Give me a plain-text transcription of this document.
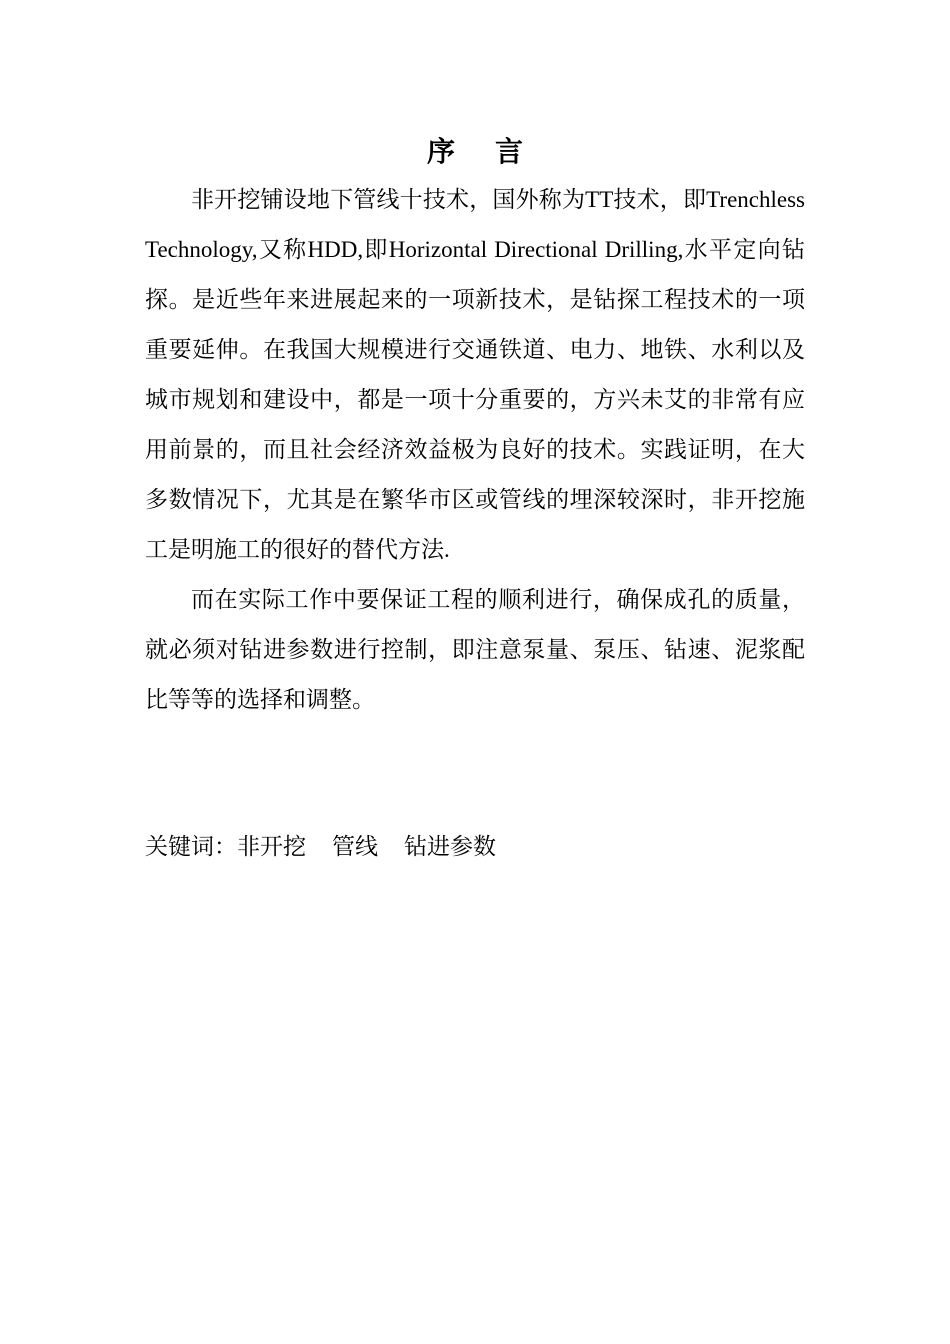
序 言

非开挖铺设地下管线十技术，国外称为TT技术，即Trenchless Technology,又称HDD,即Horizontal Directional Drilling,水平定向钻探。是近些年来进展起来的一项新技术，是钻探工程技术的一项重要延伸。在我国大规模进行交通铁道、电力、地铁、水利以及城市规划和建设中，都是一项十分重要的，方兴未艾的非常有应用前景的，而且社会经济效益极为良好的技术。实践证明，在大多数情况下，尤其是在繁华市区或管线的埋深较深时，非开挖施工是明施工的很好的替代方法.

而在实际工作中要保证工程的顺利进行，确保成孔的质量，就必须对钻进参数进行控制，即注意泵量、泵压、钻速、泥浆配比等等的选择和调整。

关键词：非开挖 管线 钻进参数
